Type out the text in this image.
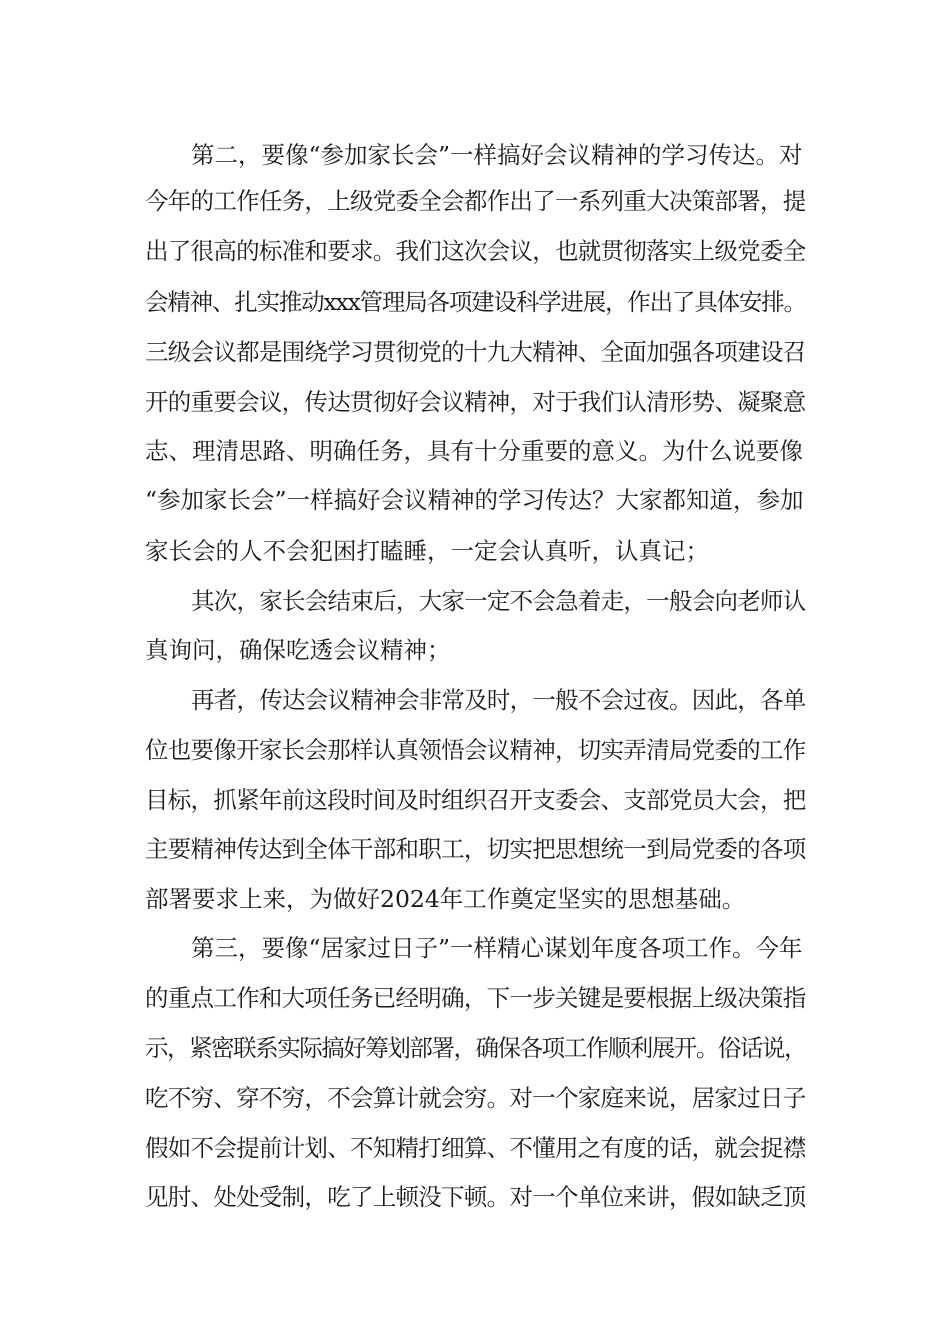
第二，要像“参加家长会”一样搞好会议精神的学习传达。对
今年的工作任务，上级党委全会都作出了一系列重大决策部署，提
出了很高的标准和要求。我们这次会议，也就贯彻落实上级党委全
会精神、扎实推动xxx管理局各项建设科学进展，作出了具体安排。
三级会议都是围绕学习贯彻党的十九大精神、全面加强各项建设召
开的重要会议，传达贯彻好会议精神，对于我们认清形势、凝聚意
志、理清思路、明确任务，具有十分重要的意义。为什么说要像
“参加家长会”一样搞好会议精神的学习传达？大家都知道，参加
家长会的人不会犯困打瞌睡，一定会认真听，认真记；
其次，家长会结束后，大家一定不会急着走，一般会向老师认
真询问，确保吃透会议精神；
再者，传达会议精神会非常及时，一般不会过夜。因此，各单
位也要像开家长会那样认真领悟会议精神，切实弄清局党委的工作
目标，抓紧年前这段时间及时组织召开支委会、支部党员大会，把
主要精神传达到全体干部和职工，切实把思想统一到局党委的各项
部署要求上来，为做好2024年工作奠定坚实的思想基础。
第三，要像“居家过日子”一样精心谋划年度各项工作。今年
的重点工作和大项任务已经明确，下一步关键是要根据上级决策指
示，紧密联系实际搞好筹划部署，确保各项工作顺利展开。俗话说，
吃不穷、穿不穷，不会算计就会穷。对一个家庭来说，居家过日子
假如不会提前计划、不知精打细算、不懂用之有度的话，就会捉襟
见肘、处处受制，吃了上顿没下顿。对一个单位来讲，假如缺乏顶
